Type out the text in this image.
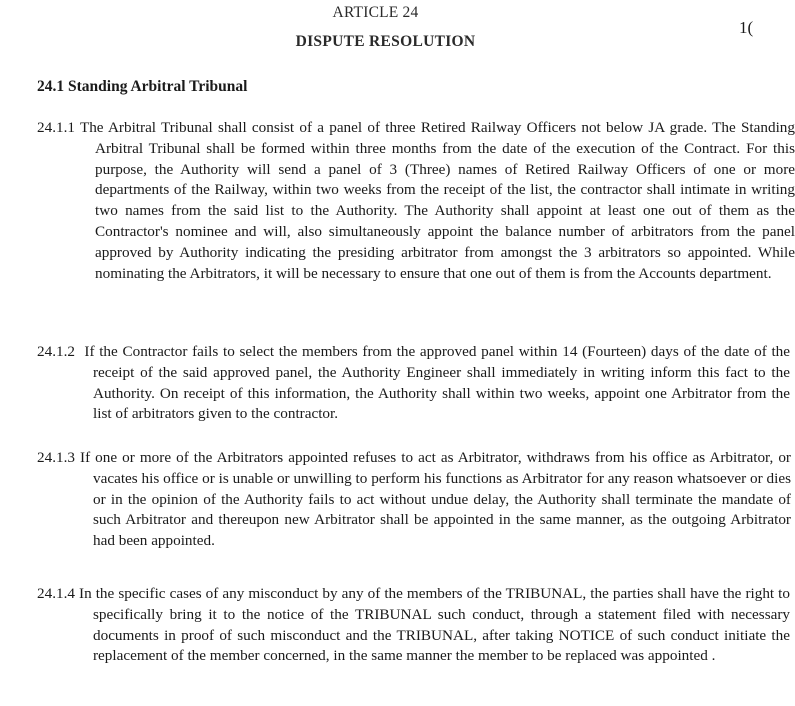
ARTICLE 24
DISPUTE RESOLUTION
1(
24.1 Standing Arbitral Tribunal

24.1.1 The Arbitral Tribunal shall consist of a panel of three Retired Railway Officers not below JA grade. The Standing Arbitral Tribunal shall be formed within three months from the date of the execution of the Contract. For this purpose, the Authority will send a panel of 3 (Three) names of Retired Railway Officers of one or more departments of the Railway, within two weeks from the receipt of the list, the contractor shall intimate in writing two names from the said list to the Authority. The Authority shall appoint at least one out of them as the Contractor's nominee and will, also simultaneously appoint the balance number of arbitrators from the panel approved by Authority indicating the presiding arbitrator from amongst the 3 arbitrators so appointed. While nominating the Arbitrators, it will be necessary to ensure that one out of them is from the Accounts department.

24.1.2 If the Contractor fails to select the members from the approved panel within 14 (Fourteen) days of the date of the receipt of the said approved panel, the Authority Engineer shall immediately in writing inform this fact to the Authority. On receipt of this information, the Authority shall within two weeks, appoint one Arbitrator from the list of arbitrators given to the contractor.

24.1.3 If one or more of the Arbitrators appointed refuses to act as Arbitrator, withdraws from his office as Arbitrator, or vacates his office or is unable or unwilling to perform his functions as Arbitrator for any reason whatsoever or dies or in the opinion of the Authority fails to act without undue delay, the Authority shall terminate the mandate of such Arbitrator and thereupon new Arbitrator shall be appointed in the same manner, as the outgoing Arbitrator had been appointed.

24.1.4 In the specific cases of any misconduct by any of the members of the TRIBUNAL, the parties shall have the right to specifically bring it to the notice of the TRIBUNAL such conduct, through a statement filed with necessary documents in proof of such misconduct and the TRIBUNAL, after taking NOTICE of such conduct initiate the replacement of the member concerned, in the same manner the member to be replaced was appointed .
